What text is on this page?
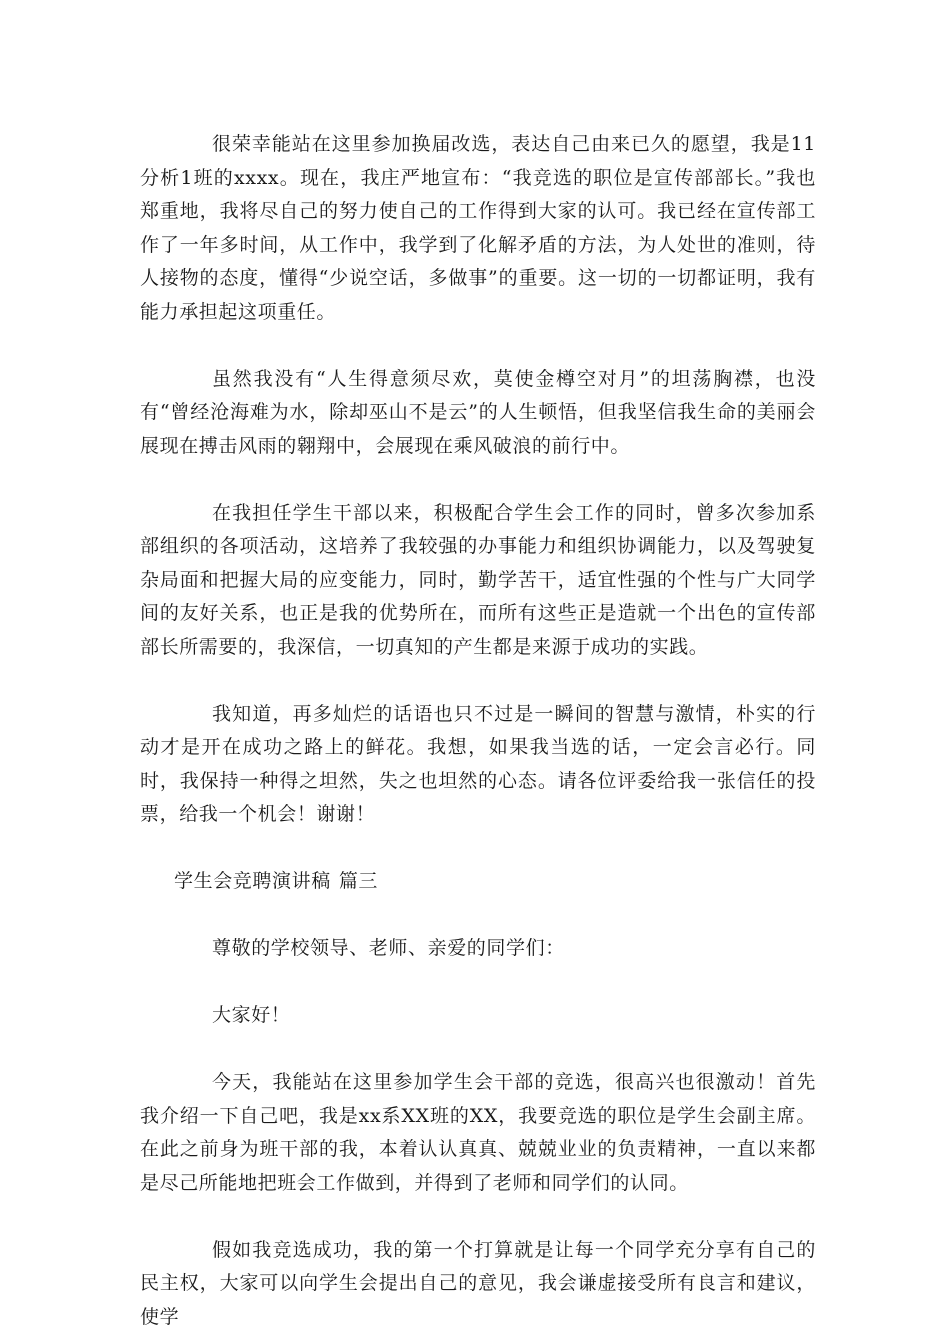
很荣幸能站在这里参加换届改选，表达自己由来已久的愿望，我是11分析1班的xxxx。现在，我庄严地宣布：“我竞选的职位是宣传部部长。”我也郑重地，我将尽自己的努力使自己的工作得到大家的认可。我已经在宣传部工作了一年多时间，从工作中，我学到了化解矛盾的方法，为人处世的准则，待人接物的态度，懂得“少说空话，多做事”的重要。这一切的一切都证明，我有能力承担起这项重任。

虽然我没有“人生得意须尽欢，莫使金樽空对月”的坦荡胸襟，也没有“曾经沧海难为水，除却巫山不是云”的人生顿悟，但我坚信我生命的美丽会展现在搏击风雨的翱翔中，会展现在乘风破浪的前行中。

在我担任学生干部以来，积极配合学生会工作的同时，曾多次参加系部组织的各项活动，这培养了我较强的办事能力和组织协调能力，以及驾驶复杂局面和把握大局的应变能力，同时，勤学苦干，适宜性强的个性与广大同学间的友好关系，也正是我的优势所在，而所有这些正是造就一个出色的宣传部部长所需要的，我深信，一切真知的产生都是来源于成功的实践。

我知道，再多灿烂的话语也只不过是一瞬间的智慧与激情，朴实的行动才是开在成功之路上的鲜花。我想，如果我当选的话，一定会言必行。同时，我保持一种得之坦然，失之也坦然的心态。请各位评委给我一张信任的投票，给我一个机会！谢谢！

学生会竞聘演讲稿 篇三

尊敬的学校领导、老师、亲爱的同学们：

大家好！

今天，我能站在这里参加学生会干部的竞选，很高兴也很激动！首先我介绍一下自己吧，我是xx系XX班的XX，我要竞选的职位是学生会副主席。在此之前身为班干部的我，本着认认真真、兢兢业业的负责精神，一直以来都是尽己所能地把班会工作做到，并得到了老师和同学们的认同。

假如我竞选成功，我的第一个打算就是让每一个同学充分享有自己的民主权，大家可以向学生会提出自己的意见，我会谦虚接受所有良言和建议，使学
